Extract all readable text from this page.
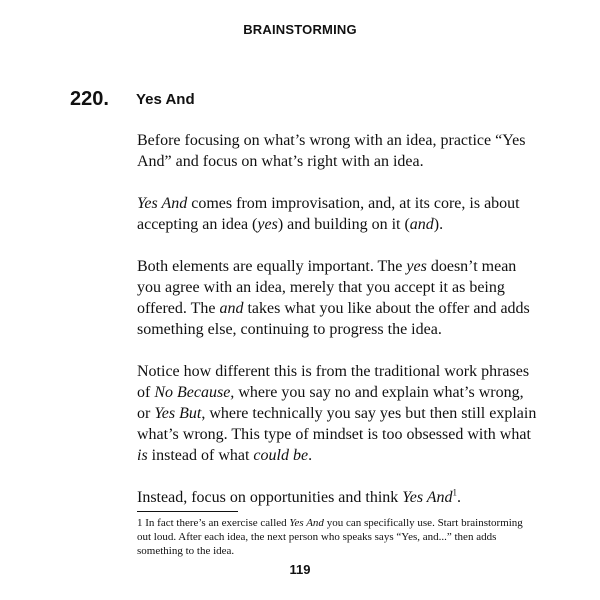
BRAINSTORMING
220. Yes And

Before focusing on what’s wrong with an idea, practice “Yes And” and focus on what’s right with an idea.

Yes And comes from improvisation, and, at its core, is about accepting an idea (yes) and building on it (and).

Both elements are equally important. The yes doesn’t mean you agree with an idea, merely that you accept it as being offered. The and takes what you like about the offer and adds something else, continuing to progress the idea.

Notice how different this is from the traditional work phrases of No Because, where you say no and explain what’s wrong, or Yes But, where technically you say yes but then still explain what’s wrong. This type of mindset is too obsessed with what is instead of what could be.

Instead, focus on opportunities and think Yes And$^1$.

1 In fact there’s an exercise called Yes And you can specifically use. Start brainstorming out loud. After each idea, the next person who speaks says “Yes, and...” then adds something to the idea.
119
